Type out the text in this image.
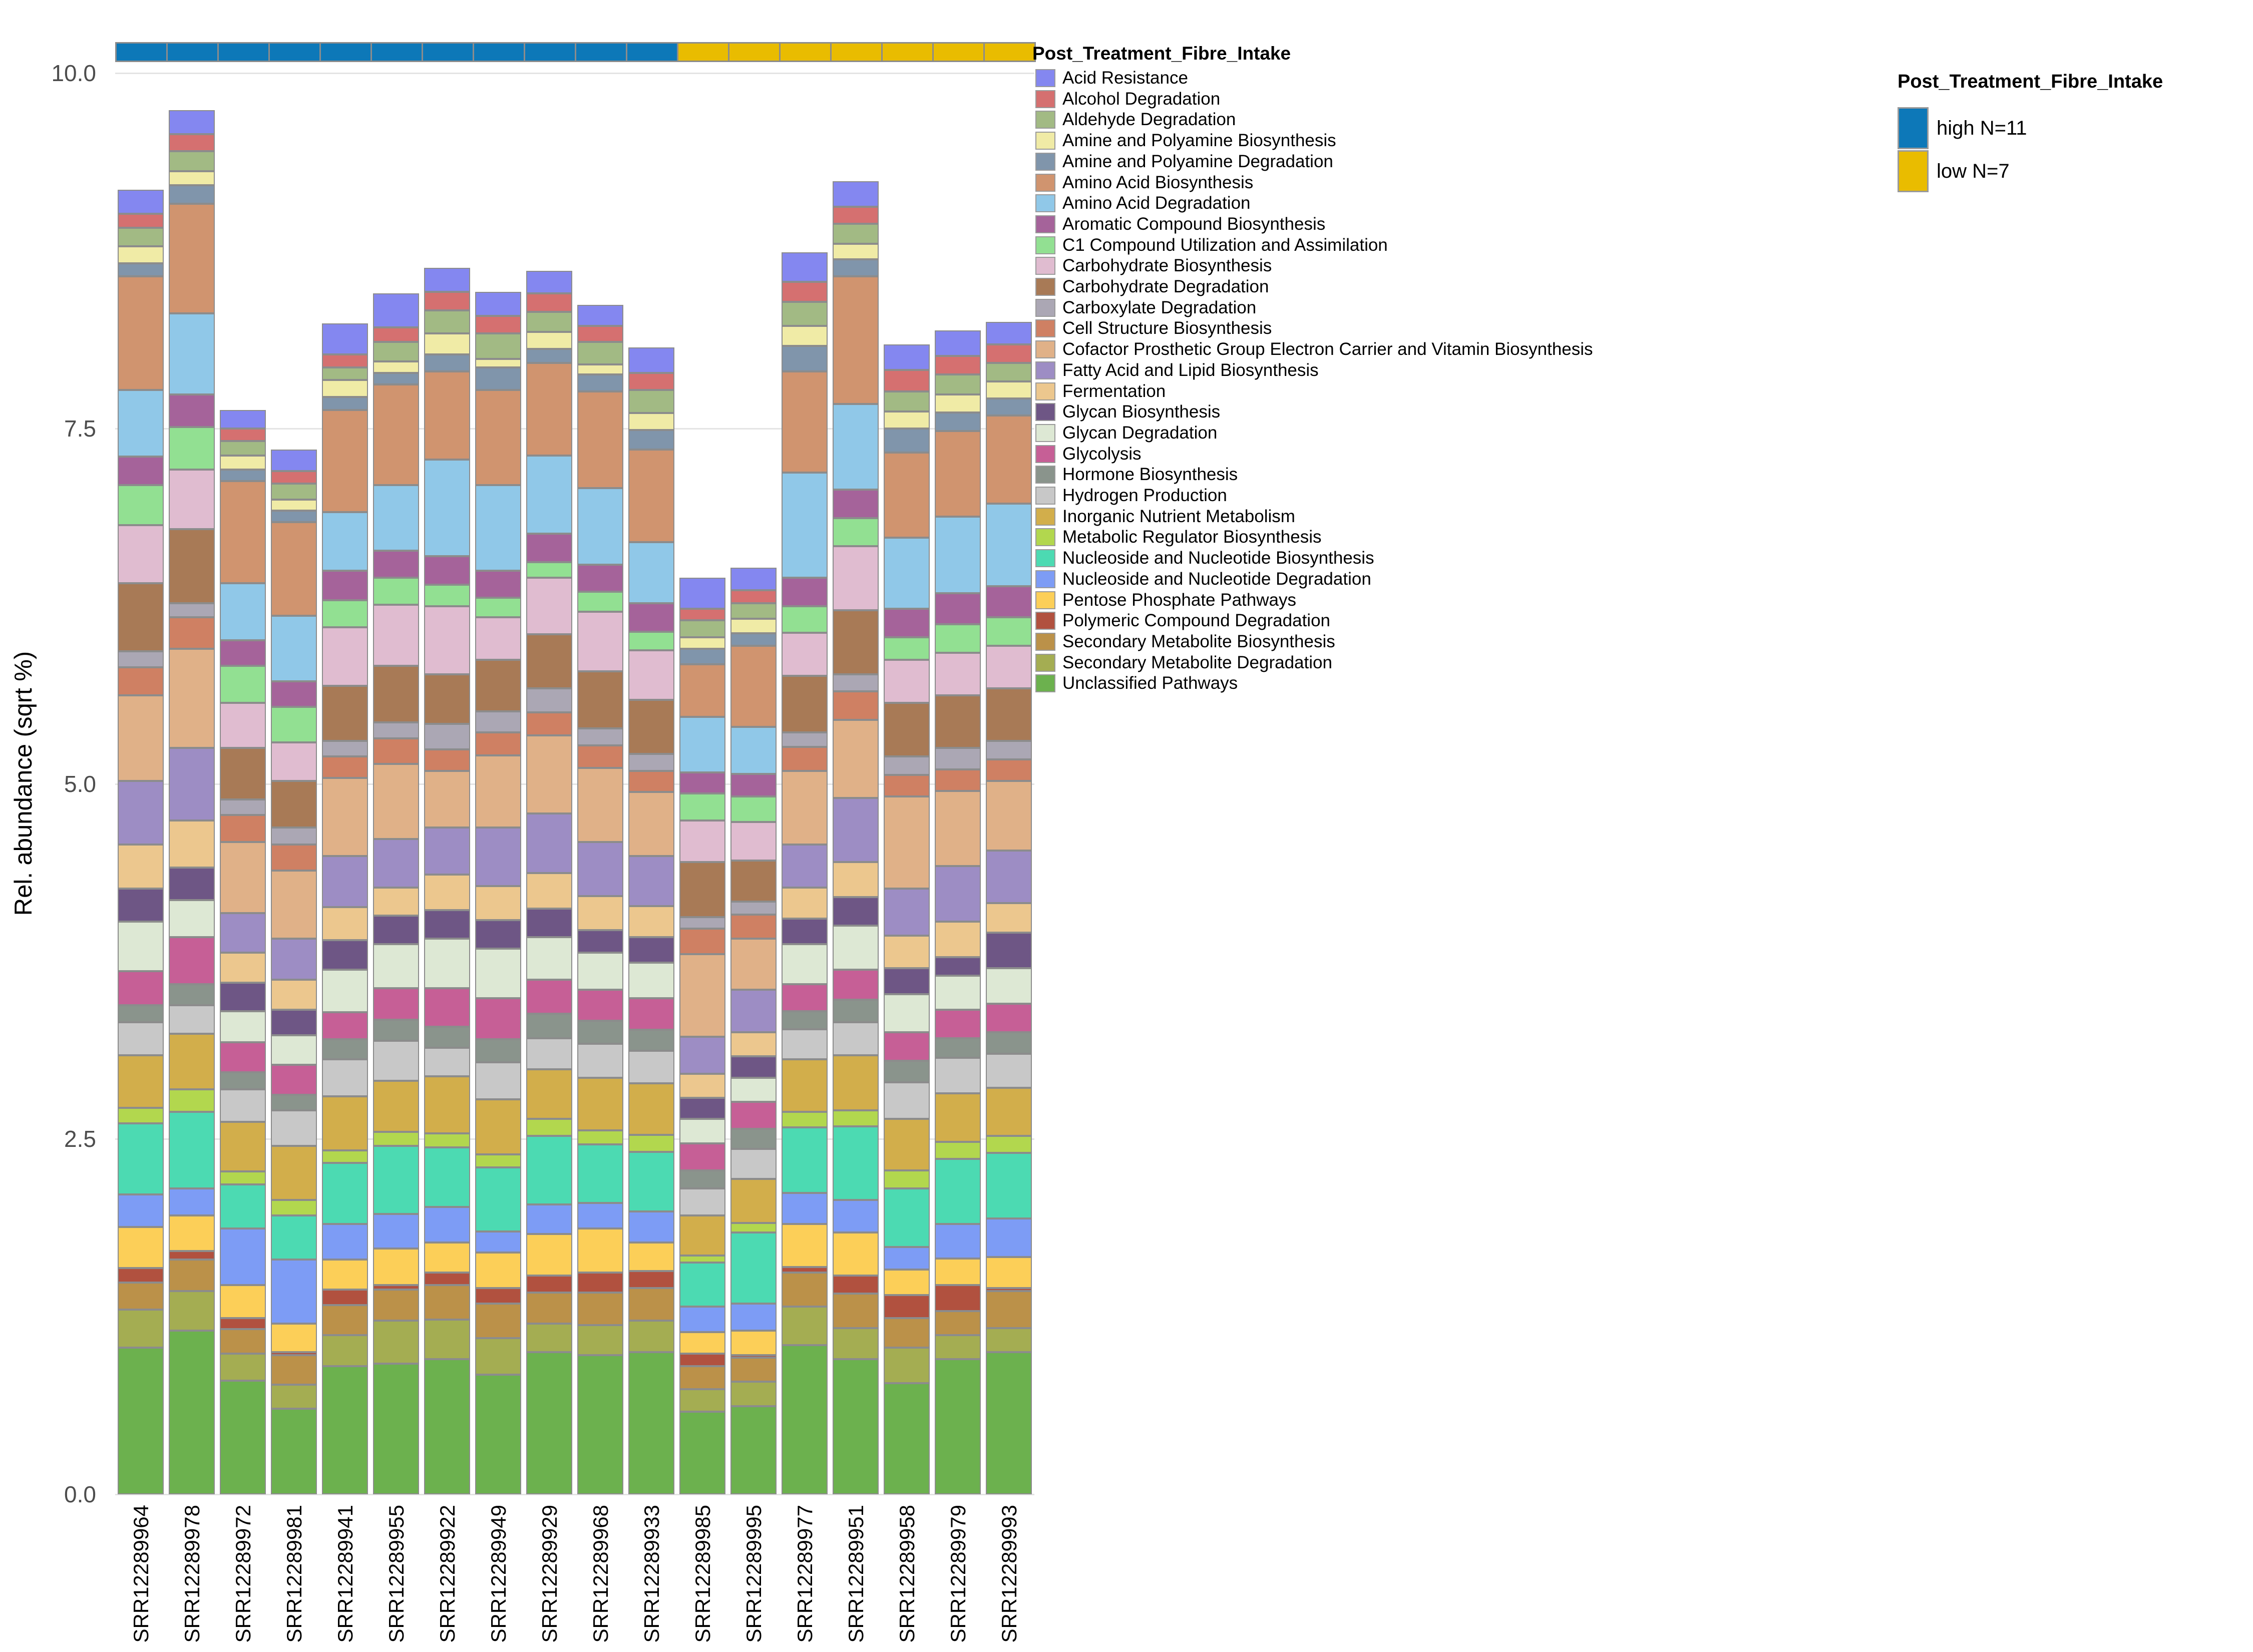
Rel. abundance (sqrt %)
0.0
2.5
5.0
7.5
10.0
SRR12289964 SRR12289978 SRR12289972 SRR12289981 SRR12289941 SRR12289955 SRR12289922 SRR12289949 SRR12289929 SRR12289968 SRR12289933 SRR12289985 SRR12289995 SRR12289977 SRR12289951 SRR12289958 SRR12289979 SRR12289993
Post_Treatment_Fibre_Intake
Acid Resistance
Alcohol Degradation
Aldehyde Degradation
Amine and Polyamine Biosynthesis
Amine and Polyamine Degradation
Amino Acid Biosynthesis
Amino Acid Degradation
Aromatic Compound Biosynthesis
C1 Compound Utilization and Assimilation
Carbohydrate Biosynthesis
Carbohydrate Degradation
Carboxylate Degradation
Cell Structure Biosynthesis
Cofactor Prosthetic Group Electron Carrier and Vitamin Biosynthesis
Fatty Acid and Lipid Biosynthesis
Fermentation
Glycan Biosynthesis
Glycan Degradation
Glycolysis
Hormone Biosynthesis
Hydrogen Production
Inorganic Nutrient Metabolism
Metabolic Regulator Biosynthesis
Nucleoside and Nucleotide Biosynthesis
Nucleoside and Nucleotide Degradation
Pentose Phosphate Pathways
Polymeric Compound Degradation
Secondary Metabolite Biosynthesis
Secondary Metabolite Degradation
Unclassified Pathways
Post_Treatment_Fibre_Intake
high N=11
low N=7
